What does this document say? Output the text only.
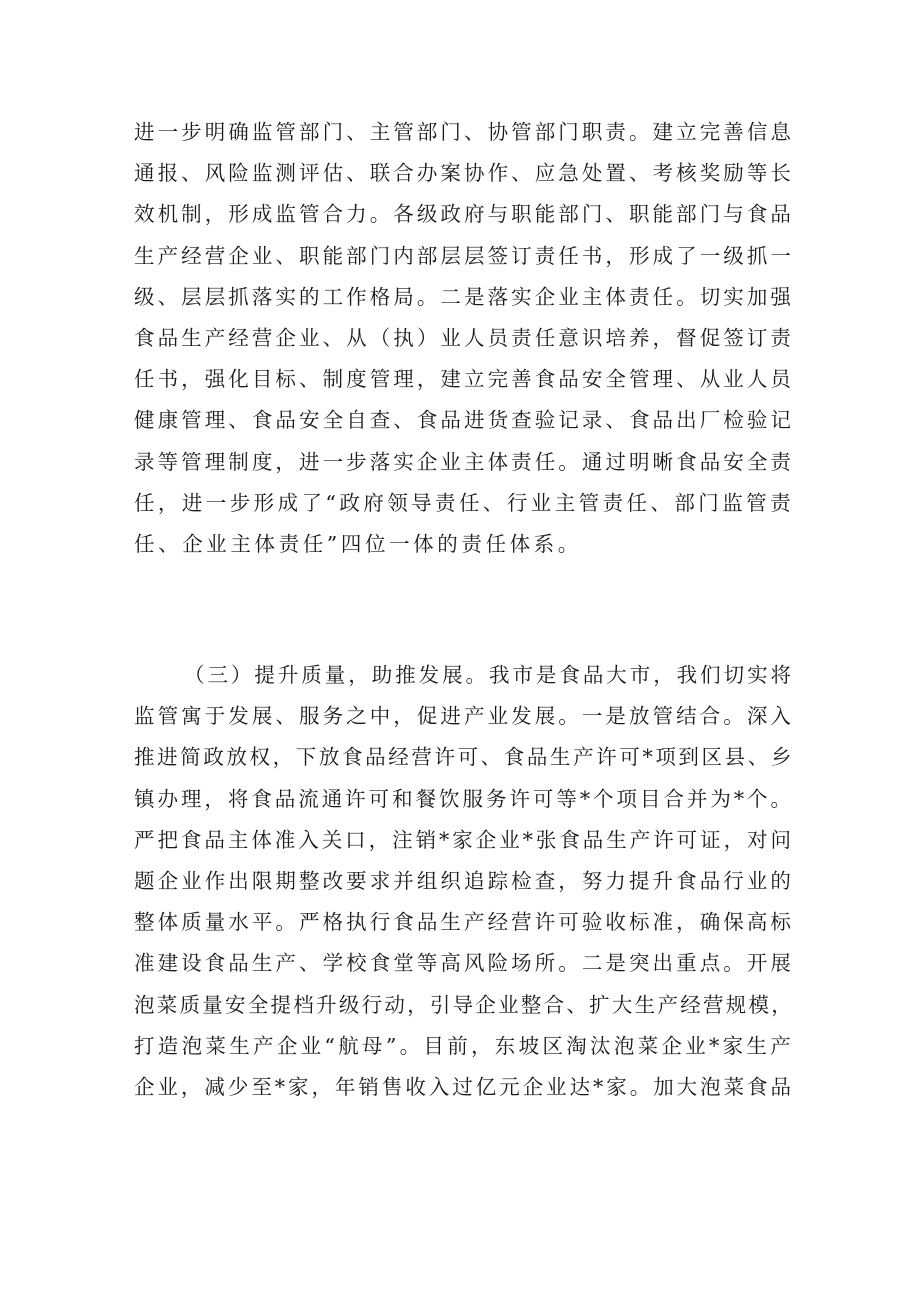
进一步明确监管部门、主管部门、协管部门职责。建立完善信息
通报、风险监测评估、联合办案协作、应急处置、考核奖励等长
效机制，形成监管合力。各级政府与职能部门、职能部门与食品
生产经营企业、职能部门内部层层签订责任书，形成了一级抓一
级、层层抓落实的工作格局。二是落实企业主体责任。切实加强
食品生产经营企业、从（执）业人员责任意识培养，督促签订责
任书，强化目标、制度管理，建立完善食品安全管理、从业人员
健康管理、食品安全自查、食品进货查验记录、食品出厂检验记
录等管理制度，进一步落实企业主体责任。通过明晰食品安全责
任，进一步形成了“政府领导责任、行业主管责任、部门监管责
任、企业主体责任”四位一体的责任体系。
（三）提升质量，助推发展。我市是食品大市，我们切实将
监管寓于发展、服务之中，促进产业发展。一是放管结合。深入
推进简政放权，下放食品经营许可、食品生产许可*项到区县、乡
镇办理，将食品流通许可和餐饮服务许可等*个项目合并为*个。
严把食品主体准入关口，注销*家企业*张食品生产许可证，对问
题企业作出限期整改要求并组织追踪检查，努力提升食品行业的
整体质量水平。严格执行食品生产经营许可验收标准，确保高标
准建设食品生产、学校食堂等高风险场所。二是突出重点。开展
泡菜质量安全提档升级行动，引导企业整合、扩大生产经营规模，
打造泡菜生产企业“航母”。目前，东坡区淘汰泡菜企业*家生产
企业，减少至*家，年销售收入过亿元企业达*家。加大泡菜食品
